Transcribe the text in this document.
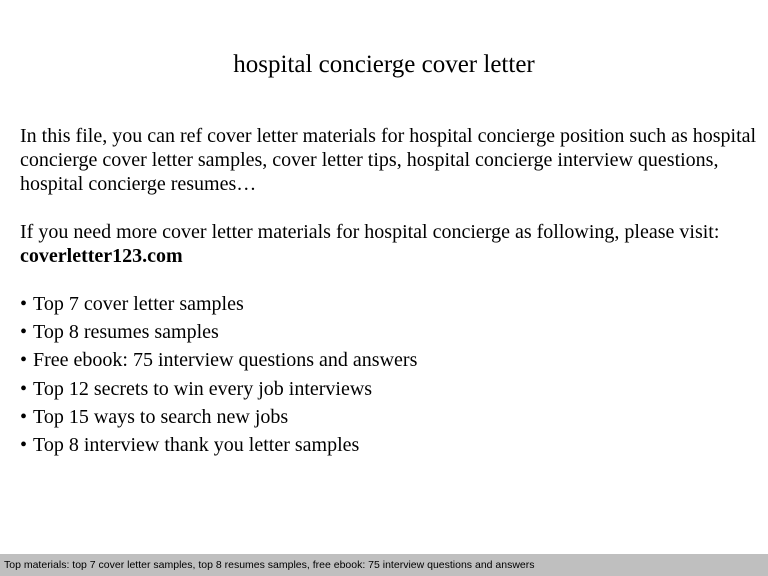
hospital concierge cover letter

In this file, you can ref cover letter materials for hospital concierge position such as hospital concierge cover letter samples, cover letter tips, hospital concierge interview questions, hospital concierge resumes…

If you need more cover letter materials for hospital concierge as following, please visit: coverletter123.com

• Top 7 cover letter samples
• Top 8 resumes samples
• Free ebook: 75 interview questions and answers
• Top 12 secrets to win every job interviews
• Top 15 ways to search new jobs
• Top 8 interview thank you letter samples
Top materials: top 7 cover letter samples, top 8 resumes samples, free ebook: 75 interview questions and answers
